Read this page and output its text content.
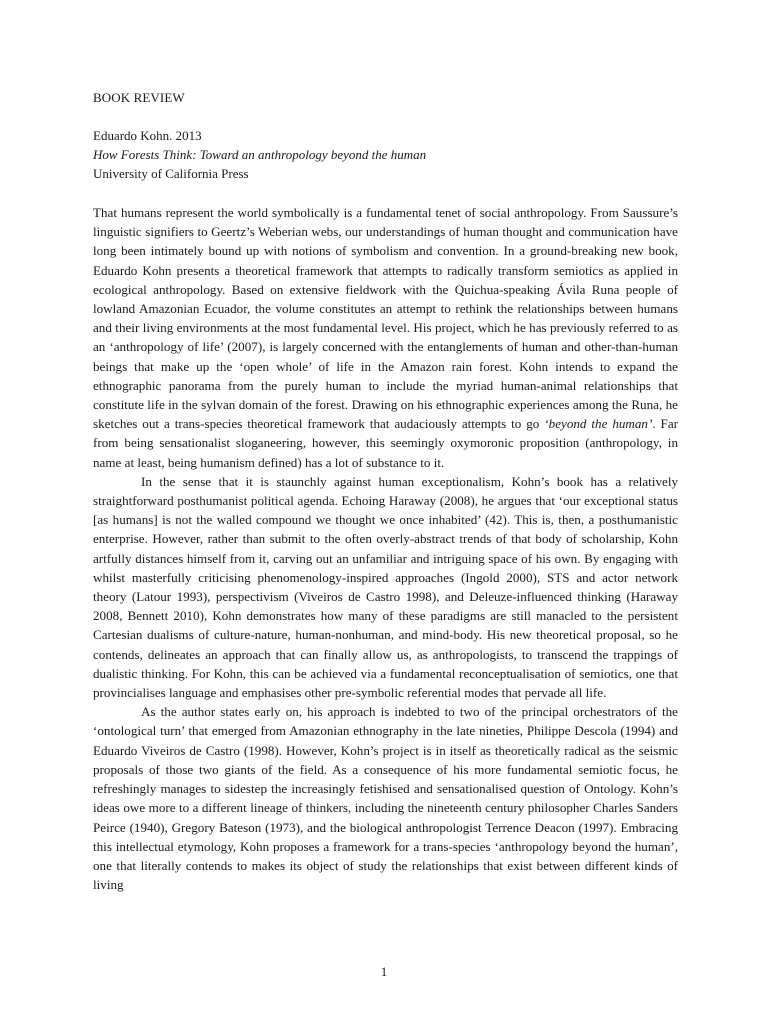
BOOK REVIEW
Eduardo Kohn. 2013
How Forests Think: Toward an anthropology beyond the human
University of California Press

That humans represent the world symbolically is a fundamental tenet of social anthropology. From Saussure’s linguistic signifiers to Geertz’s Weberian webs, our understandings of human thought and communication have long been intimately bound up with notions of symbolism and convention. In a ground-breaking new book, Eduardo Kohn presents a theoretical framework that attempts to radically transform semiotics as applied in ecological anthropology. Based on extensive fieldwork with the Quichua-speaking Ávila Runa people of lowland Amazonian Ecuador, the volume constitutes an attempt to rethink the relationships between humans and their living environments at the most fundamental level. His project, which he has previously referred to as an ‘anthropology of life’ (2007), is largely concerned with the entanglements of human and other-than-human beings that make up the ‘open whole’ of life in the Amazon rain forest. Kohn intends to expand the ethnographic panorama from the purely human to include the myriad human-animal relationships that constitute life in the sylvan domain of the forest. Drawing on his ethnographic experiences among the Runa, he sketches out a trans-species theoretical framework that audaciously attempts to go ‘beyond the human’. Far from being sensationalist sloganeering, however, this seemingly oxymoronic proposition (anthropology, in name at least, being humanism defined) has a lot of substance to it.

In the sense that it is staunchly against human exceptionalism, Kohn’s book has a relatively straightforward posthumanist political agenda. Echoing Haraway (2008), he argues that ‘our exceptional status [as humans] is not the walled compound we thought we once inhabited’ (42). This is, then, a posthumanistic enterprise. However, rather than submit to the often overly-abstract trends of that body of scholarship, Kohn artfully distances himself from it, carving out an unfamiliar and intriguing space of his own. By engaging with whilst masterfully criticising phenomenology-inspired approaches (Ingold 2000), STS and actor network theory (Latour 1993), perspectivism (Viveiros de Castro 1998), and Deleuze-influenced thinking (Haraway 2008, Bennett 2010), Kohn demonstrates how many of these paradigms are still manacled to the persistent Cartesian dualisms of culture-nature, human-nonhuman, and mind-body. His new theoretical proposal, so he contends, delineates an approach that can finally allow us, as anthropologists, to transcend the trappings of dualistic thinking. For Kohn, this can be achieved via a fundamental reconceptualisation of semiotics, one that provincialises language and emphasises other pre-symbolic referential modes that pervade all life.

As the author states early on, his approach is indebted to two of the principal orchestrators of the ‘ontological turn’ that emerged from Amazonian ethnography in the late nineties, Philippe Descola (1994) and Eduardo Viveiros de Castro (1998). However, Kohn’s project is in itself as theoretically radical as the seismic proposals of those two giants of the field. As a consequence of his more fundamental semiotic focus, he refreshingly manages to sidestep the increasingly fetishised and sensationalised question of Ontology. Kohn’s ideas owe more to a different lineage of thinkers, including the nineteenth century philosopher Charles Sanders Peirce (1940), Gregory Bateson (1973), and the biological anthropologist Terrence Deacon (1997). Embracing this intellectual etymology, Kohn proposes a framework for a trans-species ‘anthropology beyond the human’, one that literally contends to makes its object of study the relationships that exist between different kinds of living

1
